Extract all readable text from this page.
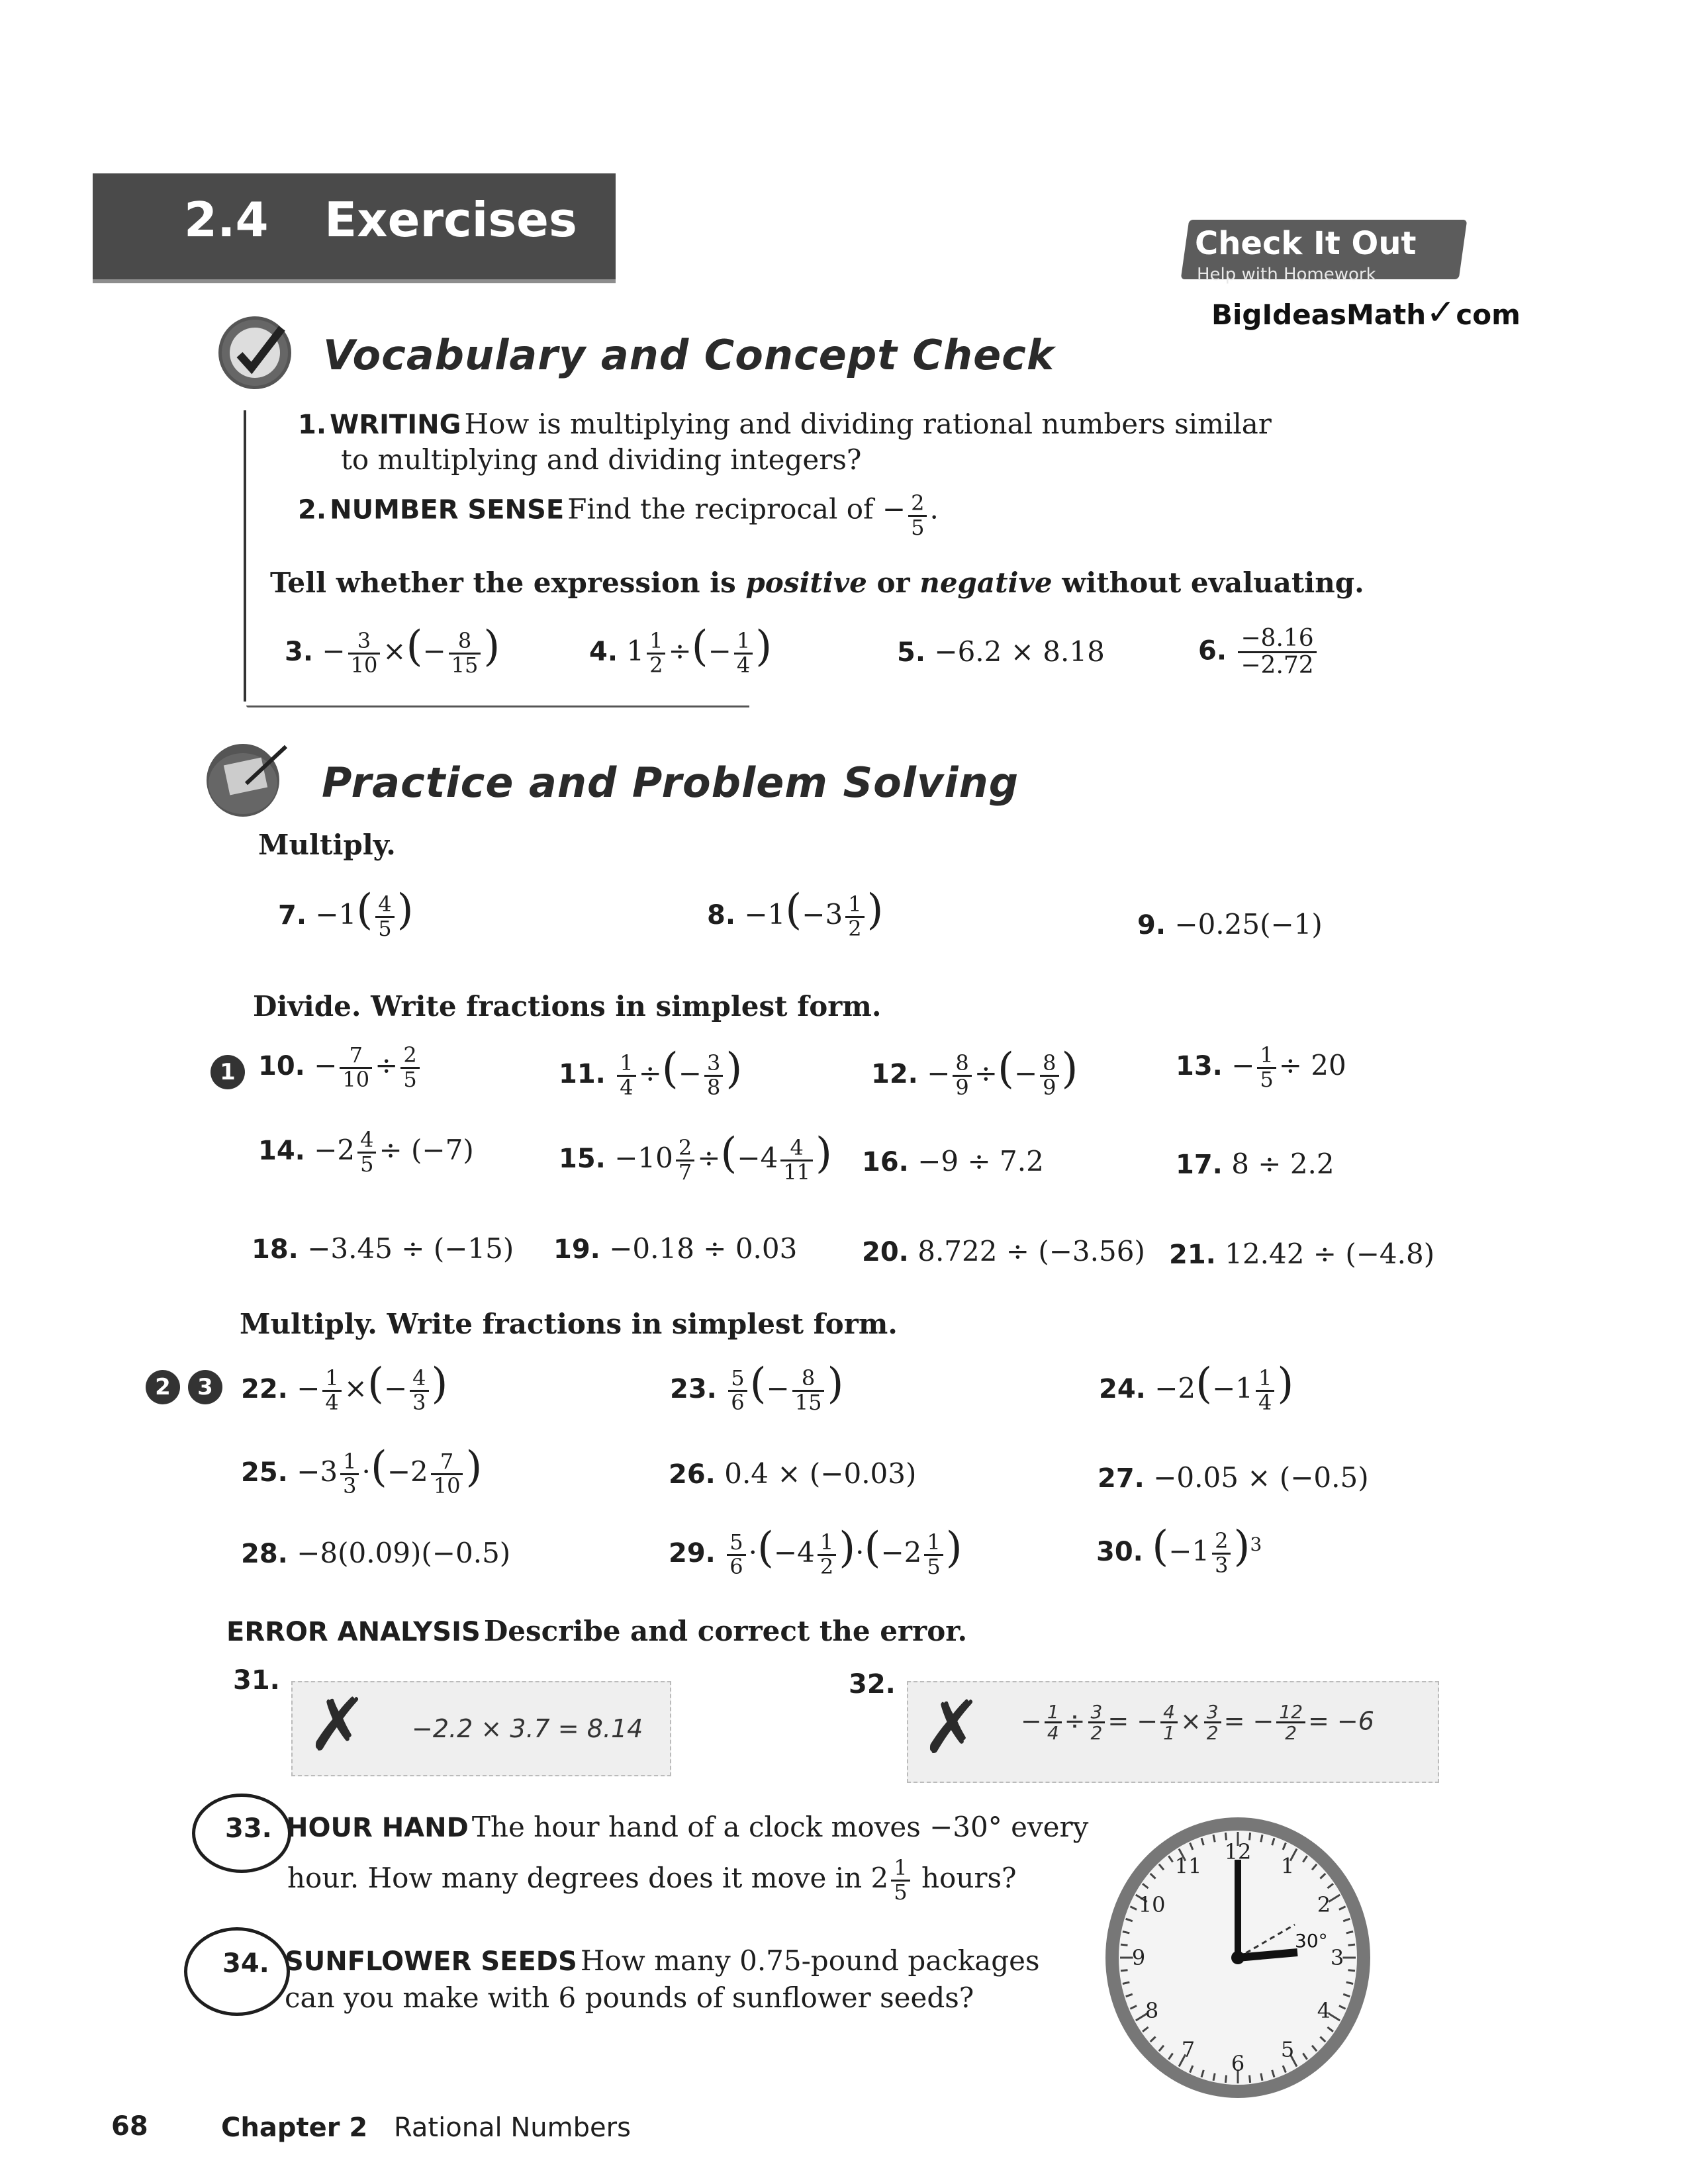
2.4 Exercises	Check It Out
Help with Homework
BigIdeasMath✓com
Vocabulary and Concept Check
1. WRITING How is multiplying and dividing rational numbers similar
to multiplying and dividing integers?
2. NUMBER SENSE Find the reciprocal of − $\frac{2}{5}$ .
Tell whether the expression is positive or negative without evaluating.
3. − $\frac{3}{10}$ ×(− $\frac{8}{15}$ )	4. $1 \frac{1}{2}$ ÷(− $\frac{1}{4}$ )	5. −6.2 × 8.18	6. $\frac{-8.16}{-2.72}$
Practice and Problem Solving
Multiply.
7. $-1( \frac{4}{5}$ )	8. $-1(-3 \frac{1}{2}$ )	9. −0.25(−1)
Divide. Write fractions in simplest form.
1 10. − $\frac{7}{10} \div \frac{2}{5}$	11. $\frac{1}{4}$ ÷(− $\frac{3}{8}$ )	12. − $\frac{8}{9}$ ÷(− $\frac{8}{9}$ )	13. − $\frac{1}{5} \div 20$
14. $-2 \frac{4}{5} \div (-7)$	15. $-10 \frac{2}{7} \div(-4 \frac{4}{11}$ ) 16. −9 ÷ 7.2	17. 8 ÷ 2.2
18. −3.45 ÷ (−15) 19. −0.18 ÷ 0.03 20. 8.722 ÷ (−3.56) 21. 12.42 ÷ (−4.8)
Multiply. Write fractions in simplest form.
2	3	22. − $\frac{1}{4}$ ×(− $\frac{4}{3}$ )	23. $\frac{5}{6}$ (− $\frac{8}{15}$ )	24. $-2(-1 \frac{1}{4}$ )
25. $-3 \frac{1}{3} \cdot(-2 \frac{7}{10}$ )	26. 0.4 × (−0.03)	27. −0.05 × (−0.5)
28. −8(0.09)(−0.5)	29. $\frac{5}{6} \cdot(-4 \frac{1}{2} )\cdot(-2 \frac{1}{5}$ )	30. $(-1 \frac{2}{3} )^3$
ERROR ANALYSIS Describe and correct the error.
31.
✗ −2.2 × 3.7 = 8.14
32.
✗ − $\frac{1}{4} \div \frac{3}{2}$ = − $\frac{4}{1} \times \frac{3}{2}$ = − $\frac{12}{2} = -6$
33. HOUR HAND The hour hand of a clock moves −30° every
hour. How many degrees does it move in $2 \frac{1}{5}$ hours?
34. SUNFLOWER SEEDS How many 0.75-pound packages
can you make with 6 pounds of sunflower seeds?
12
1
2
3
4
5
6
7
8
9
10
11
30°
68	Chapter 2 Rational Numbers
